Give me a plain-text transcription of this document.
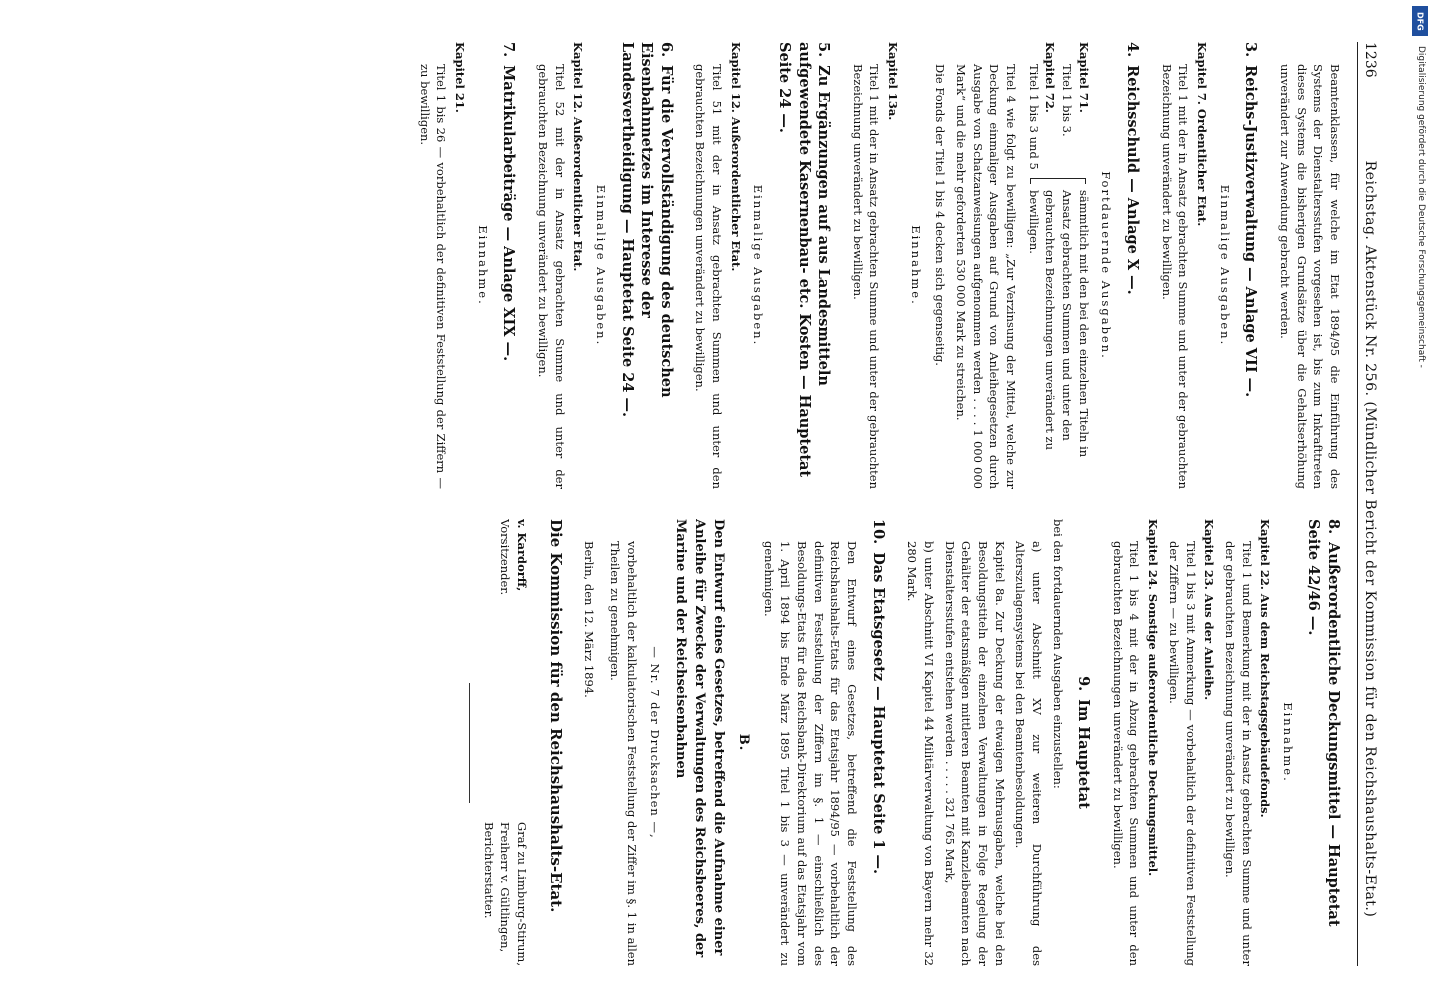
DFG
Digitalisierung gefördert durch die Deutsche Forschungsgemeinschaft -
1236
Reichstag. Aktenstück Nr. 256. (Mündlicher Bericht der Kommission für den Reichshaushalts-Etat.)

Beamtenklassen, für welche im Etat 1894/95 die Einführung des Systems der Dienstaltersstufen vorgesehen ist, bis zum Inkrafttreten dieses Systems die bisherigen Grundsätze über die Gehaltserhöhung unverändert zur Anwendung gebracht werden.

3.Reichs-Justizverwaltung — Anlage VII —.
Einmalige Ausgaben.
Kapitel 7. Ordentlicher Etat.

Titel 1 mit der in Ansatz gebrachten Summe und unter der gebrauchten Bezeichnung unverändert zu bewilligen.

4.Reichsschuld — Anlage X —.
Fortdauernde Ausgaben.
Kapitel 71.
Titel 1 bis 3.
Kapitel 72.
Titel 1 bis 3 und 5
sämmtlich mit den bei den einzelnen Titeln in Ansatz gebrachten Summen und unter den gebrauchten Bezeichnungen unverändert zu bewilligen.

Titel 4 wie folgt zu bewilligen: „Zur Verzinsung der Mittel, welche zur Deckung einmaliger Ausgaben auf Grund von Anleihegesetzen durch Ausgabe von Schatzanweisungen aufgenommen werden . . . . 1 000 000 Mark“ und die mehr geforderten 530 000 Mark zu streichen.

Die Fonds der Titel 1 bis 4 decken sich gegenseitig.

Einnahme.
Kapitel 13a.

Titel 1 mit der in Ansatz gebrachten Summe und unter der gebrauchten Bezeichnung unverändert zu bewilligen.

5.Zu Ergänzungen auf aus Landesmitteln aufgewendete Kasernenbau- etc. Kosten — Hauptetat Seite 24 —.
Einmalige Ausgaben.
Kapitel 12. Außerordentlicher Etat.

Titel 51 mit der in Ansatz gebrachten Summen und unter den gebrauchten Bezeichnungen unverändert zu bewilligen.

6.Für die Vervollständigung des deutschen Eisenbahnnetzes im Interesse der Landesvertheidigung — Hauptetat Seite 24 —.
Einmalige Ausgaben.
Kapitel 12. Außerordentlicher Etat.

Titel 52 mit der in Ansatz gebrachten Summe und unter der gebrauchten Bezeichnung unverändert zu bewilligen.

7.Matrikularbeiträge — Anlage XIX —.
Einnahme.
Kapitel 21.

Titel 1 bis 26 — vorbehaltlich der definitiven Feststellung der Ziffern — zu bewilligen.

8.Außerordentliche Deckungsmittel — Hauptetat Seite 42/46 —.
Einnahme.
Kapitel 22. Aus dem Reichstagsgebäudefonds.

Titel 1 und Bemerkung mit der in Ansatz gebrachten Summe und unter der gebrauchten Bezeichnung unverändert zu bewilligen.

Kapitel 23. Aus der Anleihe.

Titel 1 bis 3 mit Anmerkung — vorbehaltlich der definitiven Feststellung der Ziffern — zu bewilligen.

Kapitel 24. Sonstige außerordentliche Deckungsmittel.

Titel 1 bis 4 mit der in Abzug gebrachten Summen und unter den gebrauchten Bezeichnungen unverändert zu bewilligen.

9.Im Hauptetat

bei den fortdauernden Ausgaben einzustellen:

a) unter Abschnitt XV zur weiteren Durchführung des Alterszulagensystems bei den Beamtenbesoldungen.

Kapitel 8a. Zur Deckung der etwaigen Mehrausgaben, welche bei den Besoldungstiteln der einzelnen Verwaltungen in Folge Regelung der Gehälter der etatsmäßigen mittleren Beamten mit Kanzleibeamten nach Dienstaltersstufen entstehen werden . . . . . 321 765 Mark,

b) unter Abschnitt VI Kapitel 44 Militärverwaltung von Bayern mehr 32 280 Mark.

10.Das Etatsgesetz — Hauptetat Seite 1 —.

Den Entwurf eines Gesetzes, betreffend die Feststellung des Reichshaushalts-Etats für das Etatsjahr 1894/95 — vorbehaltlich der definitiven Feststellung der Ziffern im §. 1 — einschließlich des Besoldungs-Etats für das Reichsbank-Direktorium auf das Etatsjahr vom 1. April 1894 bis Ende März 1895 Titel 1 bis 3 — unverändert zu genehmigen.

B.
Den Entwurf eines Gesetzes, betreffend die Aufnahme einer Anleihe für Zwecke der Verwaltungen des Reichsheeres, der Marine und der Reichseisenbahnen
— Nr. 7 der Drucksachen —,

vorbehaltlich der kalkulatorischen Feststellung der Ziffer im §. 1 in allen Theilen zu genehmigen.

Berlin, den 12. März 1894.

Die Kommission für den Reichshaushalts-Etat.
v. Kardorff,
Vorsitzender.
Graf zu Limburg-Stirum,
Freiherr v. Gültlingen,
Berichterstatter.
